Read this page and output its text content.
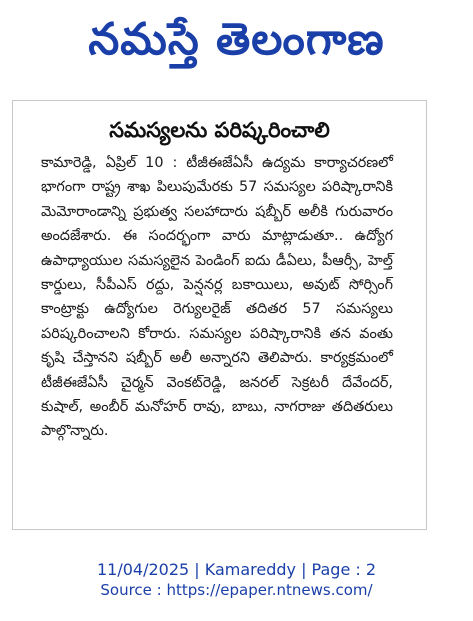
నమస్తే తెలంగాణ
సమస్యలను పరిష్కరించాలి
కామారెడ్డి, ఏప్రిల్ 10 : టీజీఈజేఏసీ ఉద్యమ కార్యాచరణలో భాగంగా రాష్ట్ర శాఖ పిలుపుమేరకు 57 సమస్యల పరిష్కారానికి మెమోరాండాన్ని ప్రభుత్వ సలహాదారు షబ్బీర్ అలీకి గురువారం అందజేశారు. ఈ సందర్భంగా వారు మాట్లాడుతూ.. ఉద్యోగ ఉపాధ్యాయుల సమస్యలైన పెండింగ్ ఐదు డీఏలు, పీఆర్సీ, హెల్త్ కార్డులు, సీపీఎస్ రద్దు, పెన్షనర్ల బకాయిలు, అవుట్ సోర్సింగ్ కాంట్రాక్టు ఉద్యోగుల రెగ్యులరైజ్ తదితర 57 సమస్యలు పరిష్కరించాలని కోరారు. సమస్యల పరిష్కారానికి తన వంతు కృషి చేస్తానని షబ్బీర్ అలీ అన్నారని తెలిపారు. కార్యక్రమంలో టీజీఈజేఏసీ చైర్మన్ వెంకట్‌రెడ్డి, జనరల్ సెక్రటరీ దేవేందర్, కుషాల్, అంబీర్ మనోహర్ రావు, బాబు, నాగరాజు తదితరులు పాల్గొన్నారు.
11/04/2025 | Kamareddy | Page : 2
Source : https://epaper.ntnews.com/
